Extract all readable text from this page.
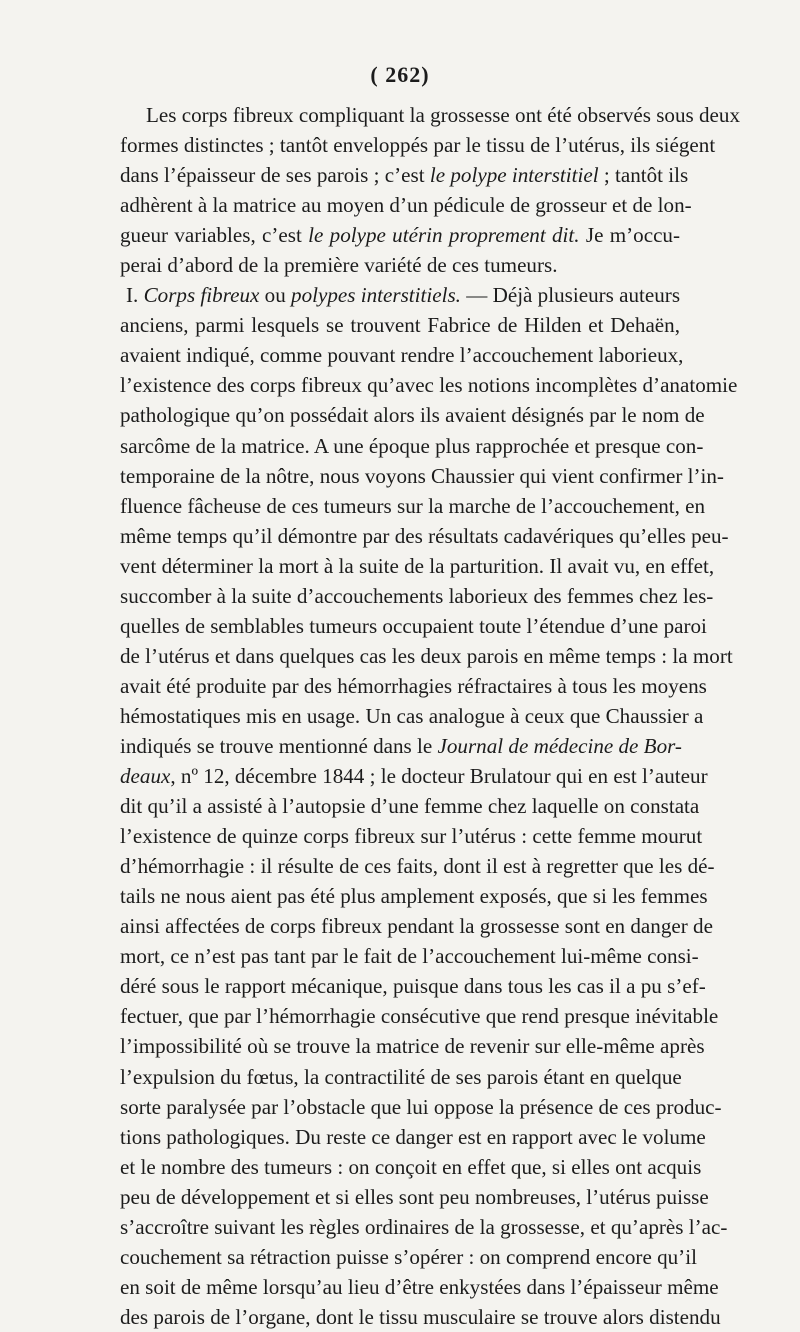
( 262)
Les corps fibreux compliquant la grossesse ont été observés sous deux
formes distinctes ; tantôt enveloppés par le tissu de l’utérus, ils siégent
dans l’épaisseur de ses parois ; c’est le polype interstitiel ; tantôt ils
adhèrent à la matrice au moyen d’un pédicule de grosseur et de lon-
gueur variables, c’est le polype utérin proprement dit. Je m’occu-
perai d’abord de la première variété de ces tumeurs.
I. Corps fibreux ou polypes interstitiels. — Déjà plusieurs auteurs
anciens, parmi lesquels se trouvent Fabrice de Hilden et Dehaën,
avaient indiqué, comme pouvant rendre l’accouchement laborieux,
l’existence des corps fibreux qu’avec les notions incomplètes d’anatomie
pathologique qu’on possédait alors ils avaient désignés par le nom de
sarcôme de la matrice. A une époque plus rapprochée et presque con-
temporaine de la nôtre, nous voyons Chaussier qui vient confirmer l’in-
fluence fâcheuse de ces tumeurs sur la marche de l’accouchement, en
même temps qu’il démontre par des résultats cadavériques qu’elles peu-
vent déterminer la mort à la suite de la parturition. Il avait vu, en effet,
succomber à la suite d’accouchements laborieux des femmes chez les-
quelles de semblables tumeurs occupaient toute l’étendue d’une paroi
de l’utérus et dans quelques cas les deux parois en même temps : la mort
avait été produite par des hémorrhagies réfractaires à tous les moyens
hémostatiques mis en usage. Un cas analogue à ceux que Chaussier a
indiqués se trouve mentionné dans le Journal de médecine de Bor-
deaux, nº 12, décembre 1844 ; le docteur Brulatour qui en est l’auteur
dit qu’il a assisté à l’autopsie d’une femme chez laquelle on constata
l’existence de quinze corps fibreux sur l’utérus : cette femme mourut
d’hémorrhagie : il résulte de ces faits, dont il est à regretter que les dé-
tails ne nous aient pas été plus amplement exposés, que si les femmes
ainsi affectées de corps fibreux pendant la grossesse sont en danger de
mort, ce n’est pas tant par le fait de l’accouchement lui-même consi-
déré sous le rapport mécanique, puisque dans tous les cas il a pu s’ef-
fectuer, que par l’hémorrhagie consécutive que rend presque inévitable
l’impossibilité où se trouve la matrice de revenir sur elle-même après
l’expulsion du fœtus, la contractilité de ses parois étant en quelque
sorte paralysée par l’obstacle que lui oppose la présence de ces produc-
tions pathologiques. Du reste ce danger est en rapport avec le volume
et le nombre des tumeurs : on conçoit en effet que, si elles ont acquis
peu de développement et si elles sont peu nombreuses, l’utérus puisse
s’accroître suivant les règles ordinaires de la grossesse, et qu’après l’ac-
couchement sa rétraction puisse s’opérer : on comprend encore qu’il
en soit de même lorsqu’au lieu d’être enkystées dans l’épaisseur même
des parois de l’organe, dont le tissu musculaire se trouve alors distendu
